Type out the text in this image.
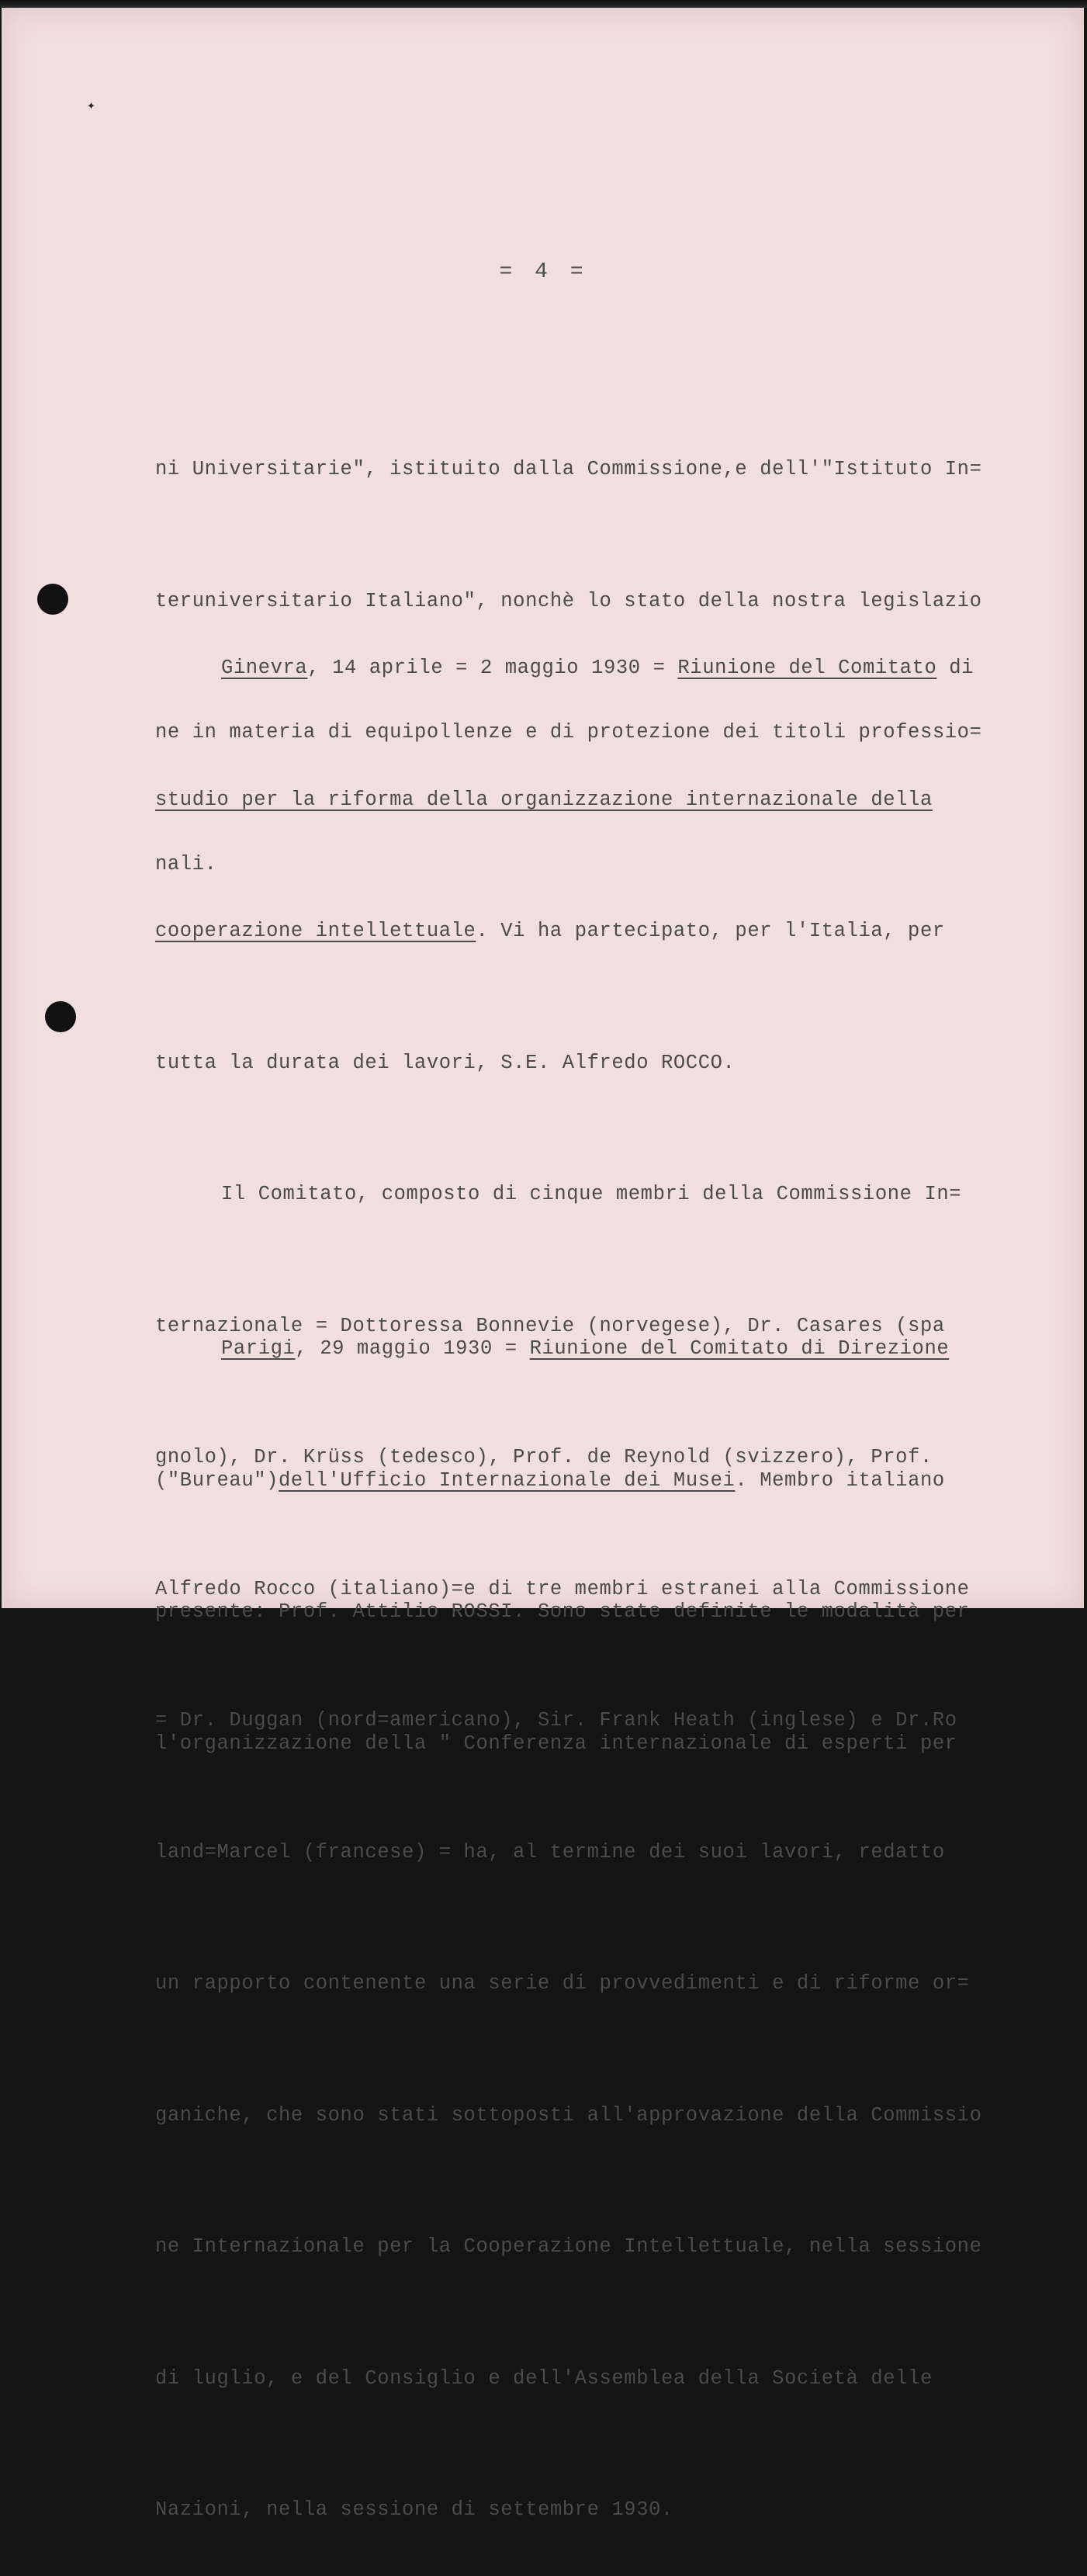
✦
= 4 =

ni Universitarie", istituito dalla Commissione,e dell'"Istituto In=

teruniversitario Italiano", nonchè lo stato della nostra legislazio

ne in materia di equipollenze e di protezione dei titoli professio=

nali.

Ginevra, 14 aprile = 2 maggio 1930 = Riunione del Comitato di

studio per la riforma della organizzazione internazionale della

cooperazione intellettuale. Vi ha partecipato, per l'Italia, per

tutta la durata dei lavori, S.E. Alfredo ROCCO.

Il Comitato, composto di cinque membri della Commissione In=

ternazionale = Dottoressa Bonnevie (norvegese), Dr. Casares (spa

gnolo), Dr. Krüss (tedesco), Prof. de Reynold (svizzero), Prof.

Alfredo Rocco (italiano)=e di tre membri estranei alla Commissione

= Dr. Duggan (nord=americano), Sir. Frank Heath (inglese) e Dr.Ro

land=Marcel (francese) = ha, al termine dei suoi lavori, redatto

un rapporto contenente una serie di provvedimenti e di riforme or=

ganiche, che sono stati sottoposti all'approvazione della Commissio

ne Internazionale per la Cooperazione Intellettuale, nella sessione

di luglio, e del Consiglio e dell'Assemblea della Società delle

Nazioni, nella sessione di settembre 1930.

Parigi, 29 maggio 1930 = Riunione del Comitato di Direzione

("Bureau")dell'Ufficio Internazionale dei Musei. Membro italiano

presente: Prof. Attilio ROSSI. Sono state definite le modalità per

l'organizzazione della " Conferenza internazionale di esperti per
